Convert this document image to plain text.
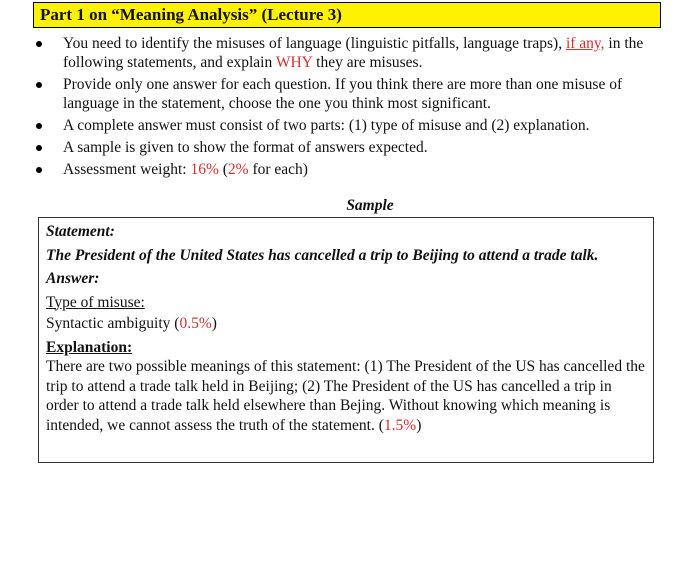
Part 1 on “Meaning Analysis” (Lecture 3)
You need to identify the misuses of language (linguistic pitfalls, language traps), if any, in the following statements, and explain WHY they are misuses.
Provide only one answer for each question. If you think there are more than one misuse of language in the statement, choose the one you think most significant.
A complete answer must consist of two parts: (1) type of misuse and (2) explanation.
A sample is given to show the format of answers expected.
Assessment weight: 16% (2% for each)
Sample
Statement:
The President of the United States has cancelled a trip to Beijing to attend a trade talk.
Answer:
Type of misuse:
Syntactic ambiguity (0.5%)
Explanation:
There are two possible meanings of this statement: (1) The President of the US has cancelled the trip to attend a trade talk held in Beijing; (2) The President of the US has cancelled a trip in order to attend a trade talk held elsewhere than Bejing. Without knowing which meaning is intended, we cannot assess the truth of the statement. (1.5%)
